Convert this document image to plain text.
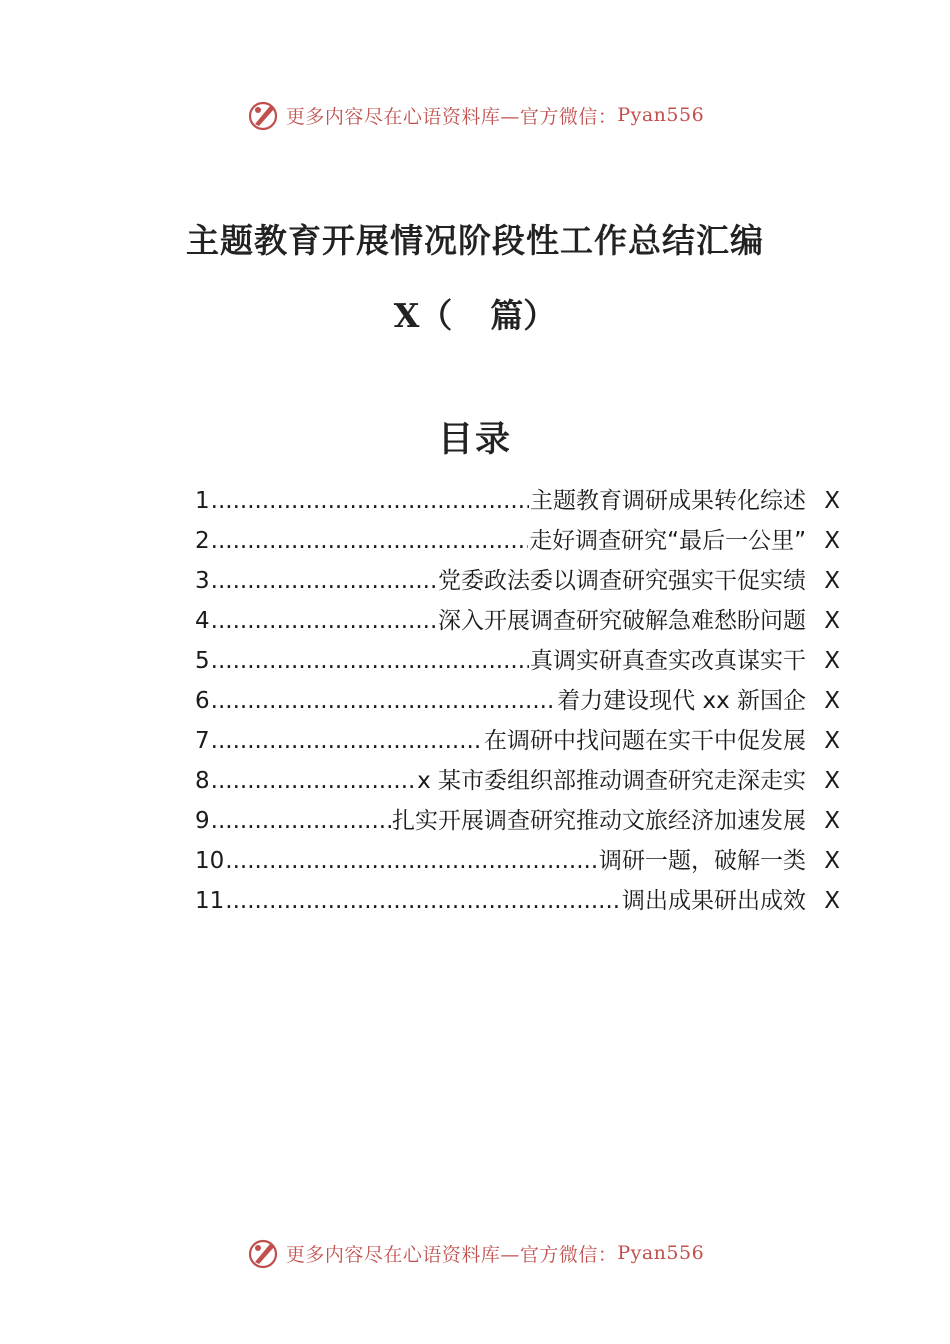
更多内容尽在心语资料库—官方微信： Pyan556
主题教育开展情况阶段性工作总结汇编
X（ 篇）
目录
1 .....	主题教育调研成果转化综述 X
2 .....	走好调查研究“最后一公里” X
3 .....	党委政法委以调查研究强实干促实绩 X
4 .....	深入开展调查研究破解急难愁盼问题 X
5 .....	真调实研真查实改真谋实干 X
6 .....	着力建设现代 xx 新国企 X
7 .....	在调研中找问题在实干中促发展 X
8 .....	x 某市委组织部推动调查研究走深走实 X
9 .....	扎实开展调查研究推动文旅经济加速发展 X
10 .....	调研一题，破解一类 X
11 .....	调出成果研出成效 X
更多内容尽在心语资料库—官方微信： Pyan556
